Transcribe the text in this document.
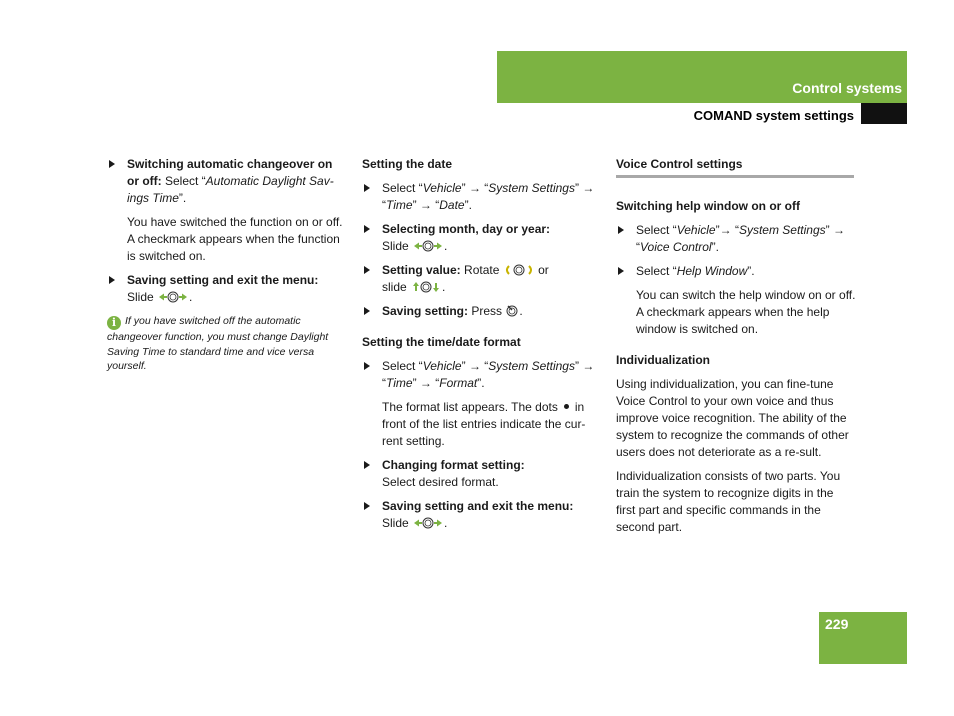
Control systems
COMAND system settings
Switching automatic changeover on or off: Select “Automatic Daylight Sav-ings Time”.
You have switched the function on or off. A checkmark appears when the function is switched on.
Saving setting and exit the menu:
Slide	.
i If you have switched off the automatic changeover function, you must change Daylight Saving Time to standard time and vice versa yourself.
Setting the date
Select “Vehicle” → “System Settings” → “Time” → “Date”.
Selecting month, day or year:
Slide	.
Setting value: Rotate	or
slide	.
Saving setting: Press .
Setting the time/date format
Select “Vehicle” → “System Settings” → “Time” → “Format”.
The format list appears. The dots in front of the list entries indicate the cur-rent setting.
Changing format setting:
Select desired format.
Saving setting and exit the menu:
Slide	.
Voice Control settings
Switching help window on or off
Select “Vehicle”→ “System Settings” → “Voice Control”.
Select “Help Window”.
You can switch the help window on or off. A checkmark appears when the help window is switched on.
Individualization
Using individualization, you can fine-tune Voice Control to your own voice and thus improve voice recognition. The ability of the system to recognize the commands of other users does not deteriorate as a re-sult.
Individualization consists of two parts. You train the system to recognize digits in the first part and specific commands in the second part.
229
